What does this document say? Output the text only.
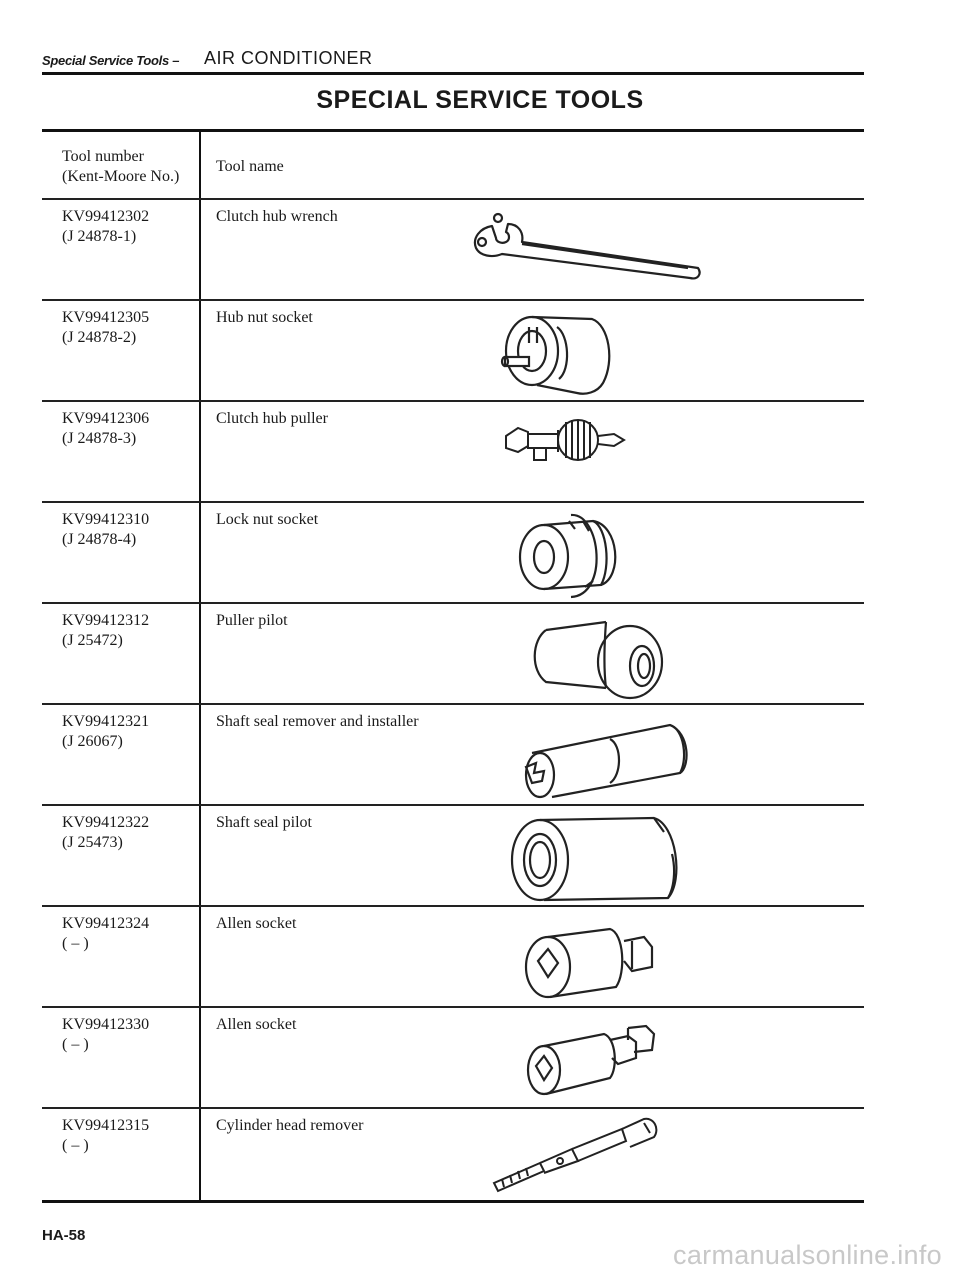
Special Service Tools – AIR CONDITIONER
SPECIAL SERVICE TOOLS
Tool number
(Kent-Moore No.)
Tool name
KV99412302
(J 24878-1)
Clutch hub wrench
KV99412305
(J 24878-2)
Hub nut socket
KV99412306
(J 24878-3)
Clutch hub puller
KV99412310
(J 24878-4)
Lock nut socket
KV99412312
(J 25472)
Puller pilot
KV99412321
(J 26067)
Shaft seal remover and installer
KV99412322
(J 25473)
Shaft seal pilot
KV99412324
( – )
Allen socket
KV99412330
( – )
Allen socket
KV99412315
( – )
Cylinder head remover
HA-58
carmanualsonline.info
